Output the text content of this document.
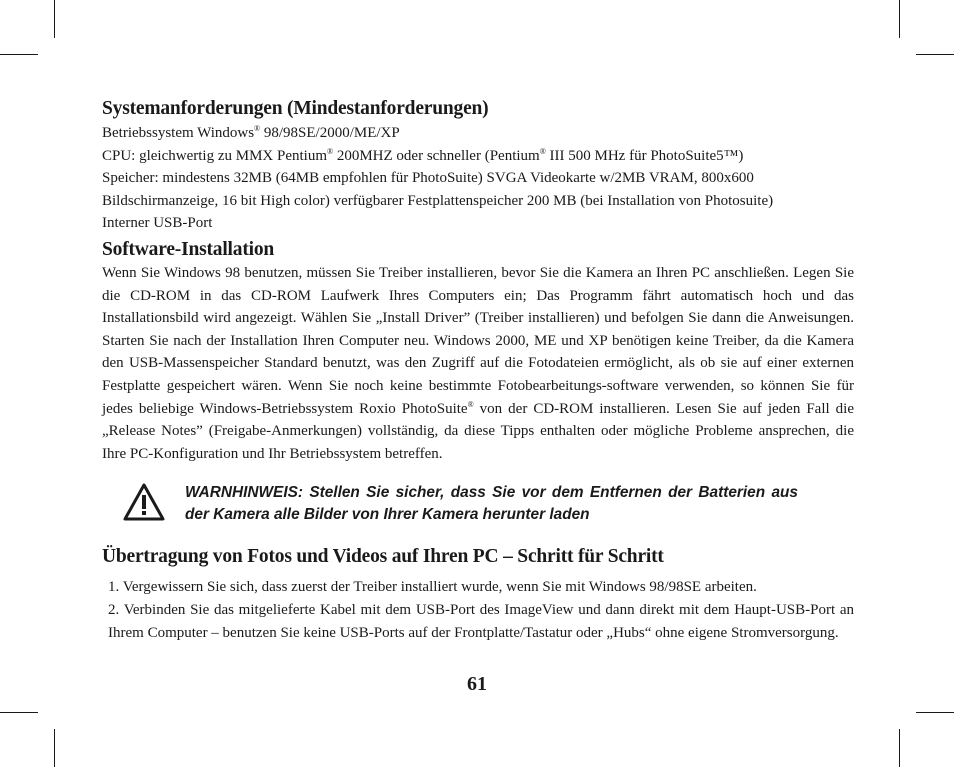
Systemanforderungen (Mindestanforderungen)

Betriebssystem Windows® 98/98SE/2000/ME/XP

CPU: gleichwertig zu MMX Pentium® 200MHZ oder schneller (Pentium® III 500 MHz für PhotoSuite5™)

Speicher: mindestens 32MB (64MB empfohlen für PhotoSuite) SVGA Videokarte w/2MB VRAM, 800x600

Bildschirmanzeige, 16 bit High color) verfügbarer Festplattenspeicher 200 MB (bei Installation von Photosuite)

Interner USB-Port

Software-Installation

Wenn Sie Windows 98 benutzen, müssen Sie Treiber installieren, bevor Sie die Kamera an Ihren PC anschließen. Legen Sie die CD-ROM in das CD-ROM Laufwerk Ihres Computers ein; Das Programm fährt automatisch hoch und das Installationsbild wird angezeigt. Wählen Sie „Install Driver” (Treiber installieren) und befolgen Sie dann die Anweisungen. Starten Sie nach der Installation Ihren Computer neu. Windows 2000, ME und XP benötigen keine Treiber, da die Kamera den USB-Massenspeicher Standard benutzt, was den Zugriff auf die Fotodateien ermöglicht, als ob sie auf einer externen Festplatte gespeichert wären. Wenn Sie noch keine bestimmte Fotobearbeitungs-software verwenden, so können Sie für jedes beliebige Windows-Betriebssystem Roxio PhotoSuite® von der CD-ROM installieren. Lesen Sie auf jeden Fall die „Release Notes” (Freigabe-Anmerkungen) vollständig, da diese Tipps enthalten oder mögliche Probleme ansprechen, die Ihre PC-Konfiguration und Ihr Betriebssystem betreffen.

WARNHINWEIS: Stellen Sie sicher, dass Sie vor dem Entfernen der Batterien aus der Kamera alle Bilder von Ihrer Kamera herunter laden
Übertragung von Fotos und Videos auf Ihren PC – Schritt für Schritt

1. Vergewissern Sie sich, dass zuerst der Treiber installiert wurde, wenn Sie mit Windows 98/98SE arbeiten.

2. Verbinden Sie das mitgelieferte Kabel mit dem USB-Port des ImageView und dann direkt mit dem Haupt-USB-Port an Ihrem Computer – benutzen Sie keine USB-Ports auf der Frontplatte/Tastatur oder „Hubs“ ohne eigene Stromversorgung.

61
